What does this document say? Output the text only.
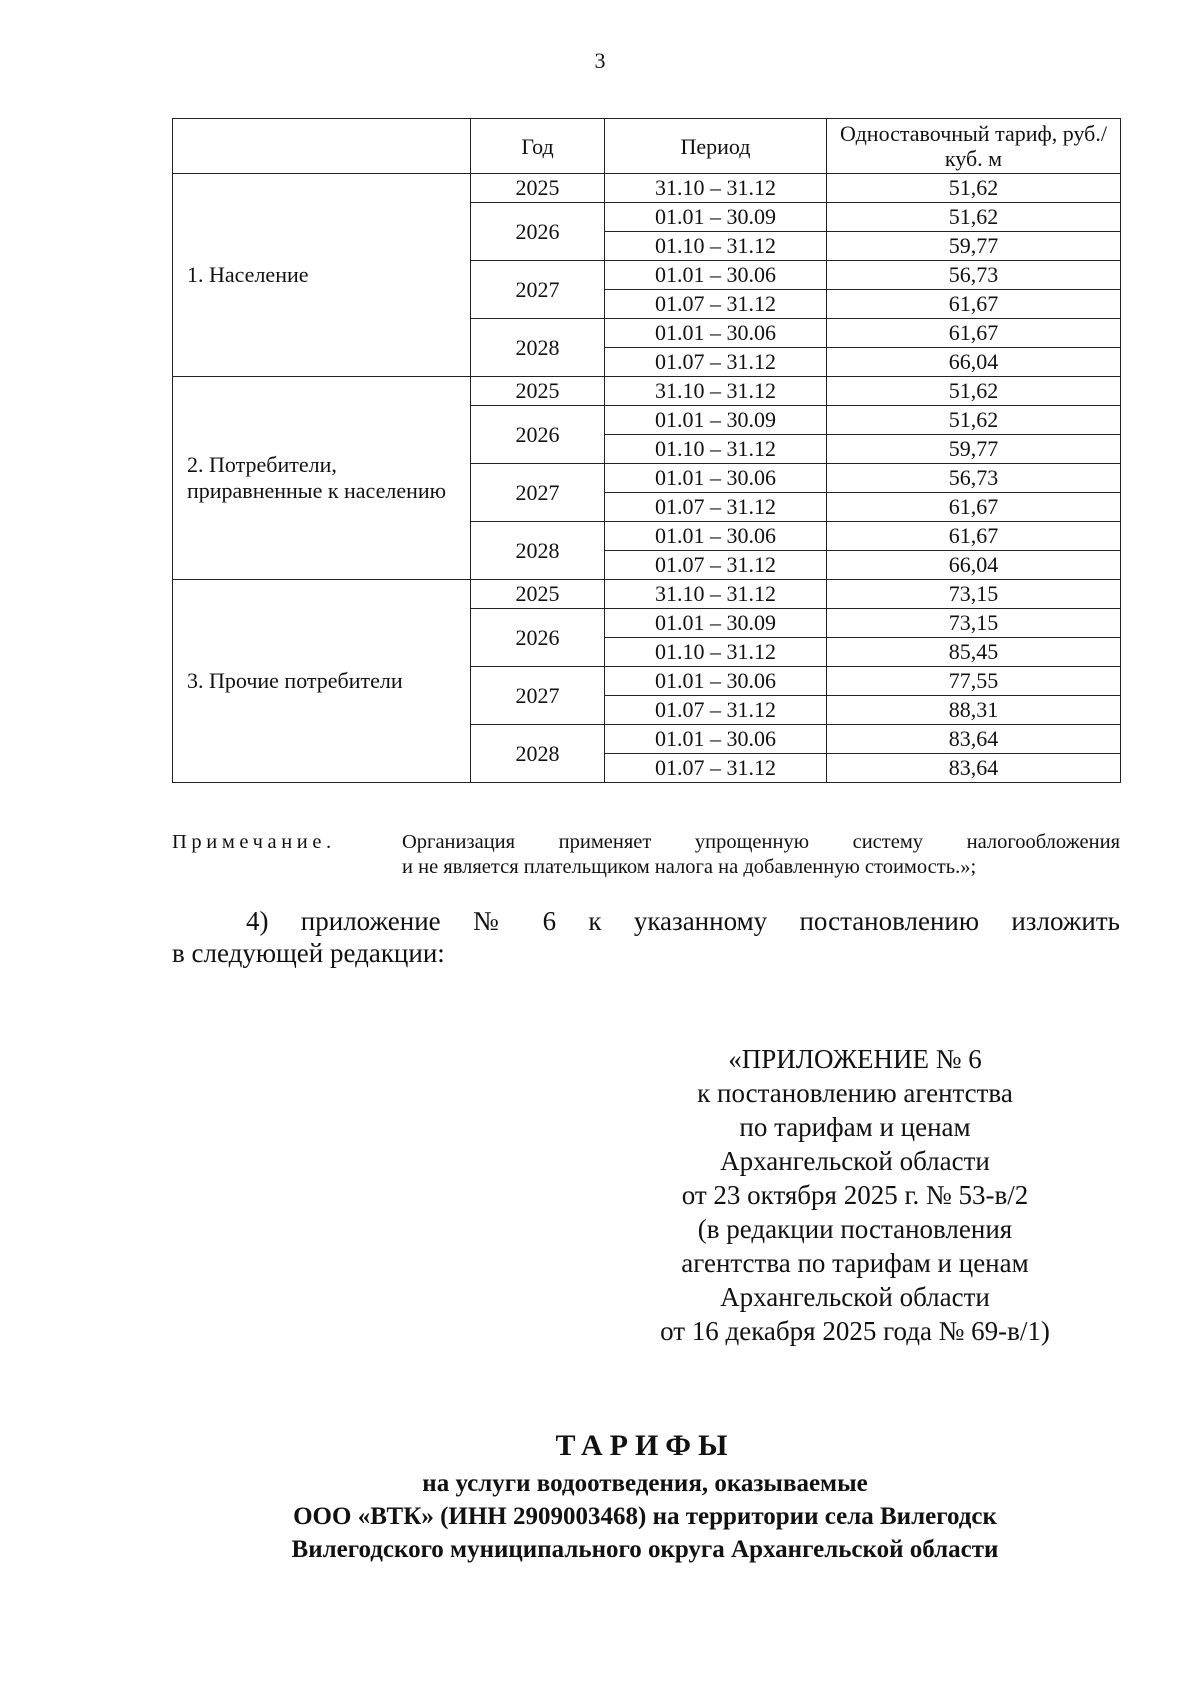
3
	Год	Период	Одноставочный тариф, руб./куб. м
1. Население	2025	31.10 – 31.12	51,62
	2026	01.01 – 30.09	51,62
		01.10 – 31.12	59,77
	2027	01.01 – 30.06	56,73
		01.07 – 31.12	61,67
	2028	01.01 – 30.06	61,67
		01.07 – 31.12	66,04
2. Потребители, приравненные к населению	2025	31.10 – 31.12	51,62
	2026	01.01 – 30.09	51,62
		01.10 – 31.12	59,77
	2027	01.01 – 30.06	56,73
		01.07 – 31.12	61,67
	2028	01.01 – 30.06	61,67
		01.07 – 31.12	66,04
3. Прочие потребители	2025	31.10 – 31.12	73,15
	2026	01.01 – 30.09	73,15
		01.10 – 31.12	85,45
	2027	01.01 – 30.06	77,55
		01.07 – 31.12	88,31
	2028	01.01 – 30.06	83,64
		01.07 – 31.12	83,64
Примечание.	Организация применяет упрощенную систему налогообложения
и не является плательщиком налога на добавленную стоимость.»;
4) приложение № 6 к указанному постановлению изложить
в следующей редакции:
«ПРИЛОЖЕНИЕ № 6
к постановлению агентства
по тарифам и ценам
Архангельской области
от 23 октября 2025 г. № 53-в/2
(в редакции постановления
агентства по тарифам и ценам
Архангельской области
от 16 декабря 2025 года № 69-в/1)
ТАРИФЫ
на услуги водоотведения, оказываемые
ООО «ВТК» (ИНН 2909003468) на территории села Вилегодск
Вилегодского муниципального округа Архангельской области
